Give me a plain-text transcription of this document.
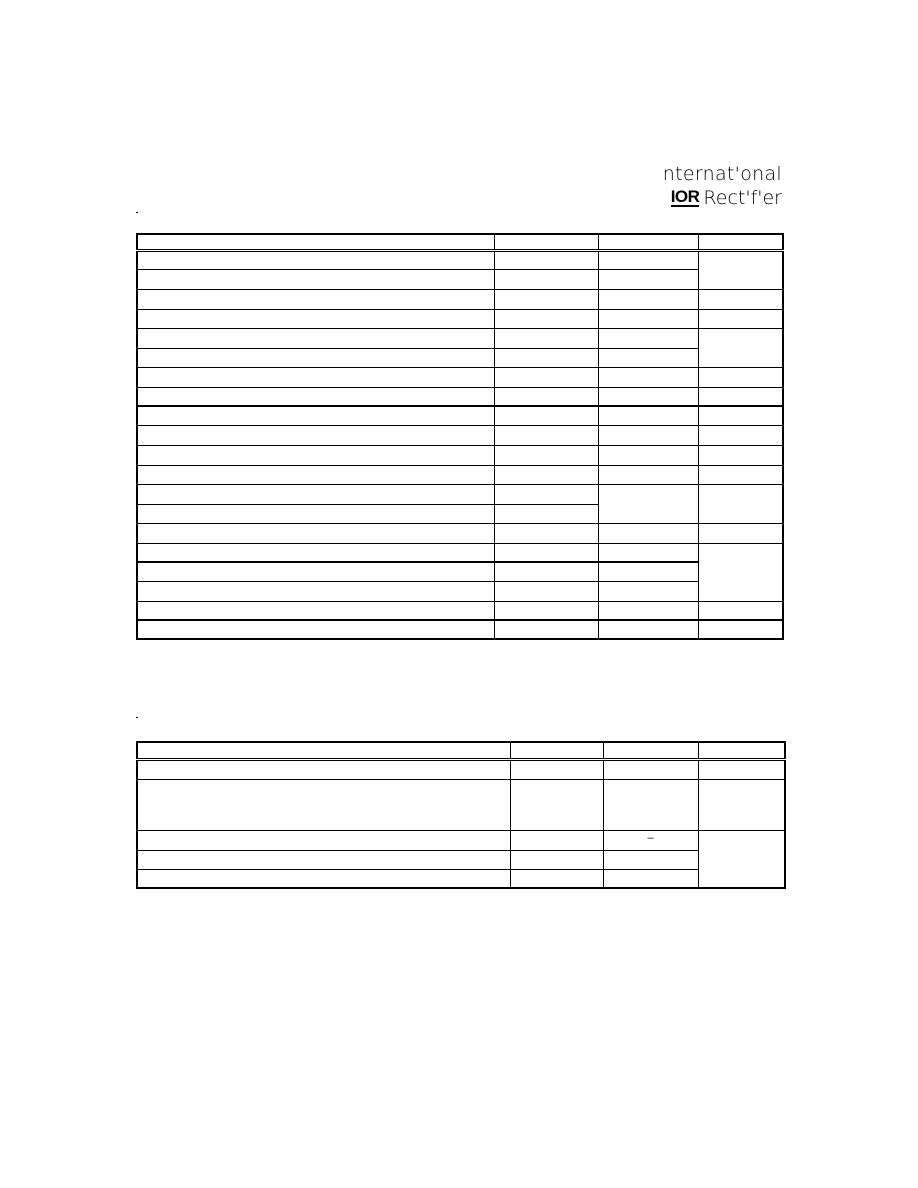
nternat'onal
IOR Rect'f'er

		–	
